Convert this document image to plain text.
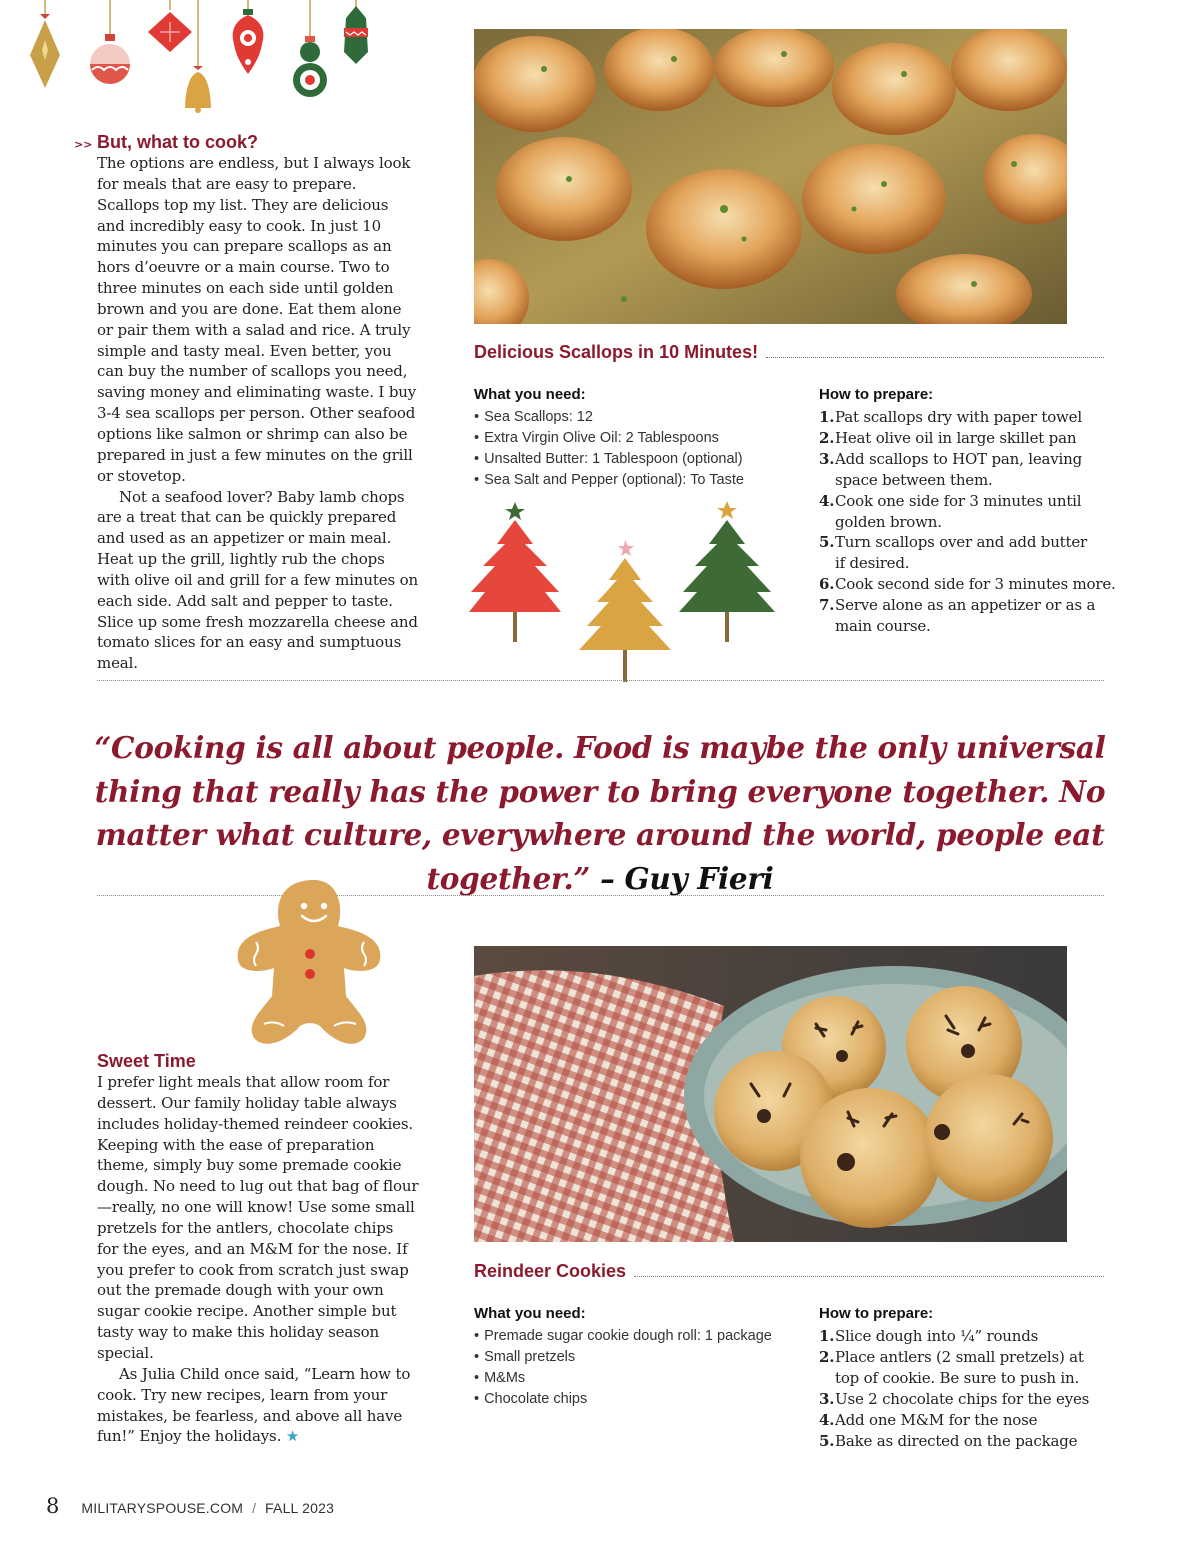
>> But, what to cook?

The options are endless, but I always look for meals that are easy to prepare. Scallops top my list. They are delicious and incredibly easy to cook. In just 10 minutes you can prepare scallops as an hors d’oeuvre or a main course. Two to three minutes on each side until golden brown and you are done. Eat them alone or pair them with a salad and rice. A truly simple and tasty meal. Even better, you can buy the number of scallops you need, saving money and eliminating waste. I buy 3-4 sea scallops per person. Other seafood options like salmon or shrimp can also be prepared in just a few minutes on the grill or stovetop.

Not a seafood lover? Baby lamb chops are a treat that can be quickly prepared and used as an appetizer or main meal. Heat up the grill, lightly rub the chops with olive oil and grill for a few minutes on each side. Add salt and pepper to taste. Slice up some fresh mozzarella cheese and tomato slices for an easy and sumptuous meal.

Delicious Scallops in 10 Minutes!
What you need:
• Sea Scallops: 12
• Extra Virgin Olive Oil: 2 Tablespoons
• Unsalted Butter: 1 Tablespoon (optional)
• Sea Salt and Pepper (optional): To Taste
How to prepare:
1. Pat scallops dry with paper towel
2. Heat olive oil in large skillet pan
3. Add scallops to HOT pan, leaving space between them.
4. Cook one side for 3 minutes until golden brown.
5. Turn scallops over and add butter if desired.
6. Cook second side for 3 minutes more.
7. Serve alone as an appetizer or as a main course.
“Cooking is all about people. Food is maybe the only universal thing that really has the power to bring everyone together. No matter what culture, everywhere around the world, people eat together.” – Guy Fieri
Sweet Time

I prefer light meals that allow room for dessert. Our family holiday table always includes holiday-themed reindeer cookies. Keeping with the ease of preparation theme, simply buy some premade cookie dough. No need to lug out that bag of flour—really, no one will know! Use some small pretzels for the antlers, chocolate chips for the eyes, and an M&M for the nose. If you prefer to cook from scratch just swap out the premade dough with your own sugar cookie recipe. Another simple but tasty way to make this holiday season special.

As Julia Child once said, “Learn how to cook. Try new recipes, learn from your mistakes, be fearless, and above all have fun!” Enjoy the holidays. ★

Reindeer Cookies
What you need:
• Premade sugar cookie dough roll: 1 package
• Small pretzels
• M&Ms
• Chocolate chips
How to prepare:
1. Slice dough into ¼” rounds
2. Place antlers (2 small pretzels) at top of cookie. Be sure to push in.
3. Use 2 chocolate chips for the eyes
4. Add one M&M for the nose
5. Bake as directed on the package
8 MILITARYSPOUSE.COM / FALL 2023
